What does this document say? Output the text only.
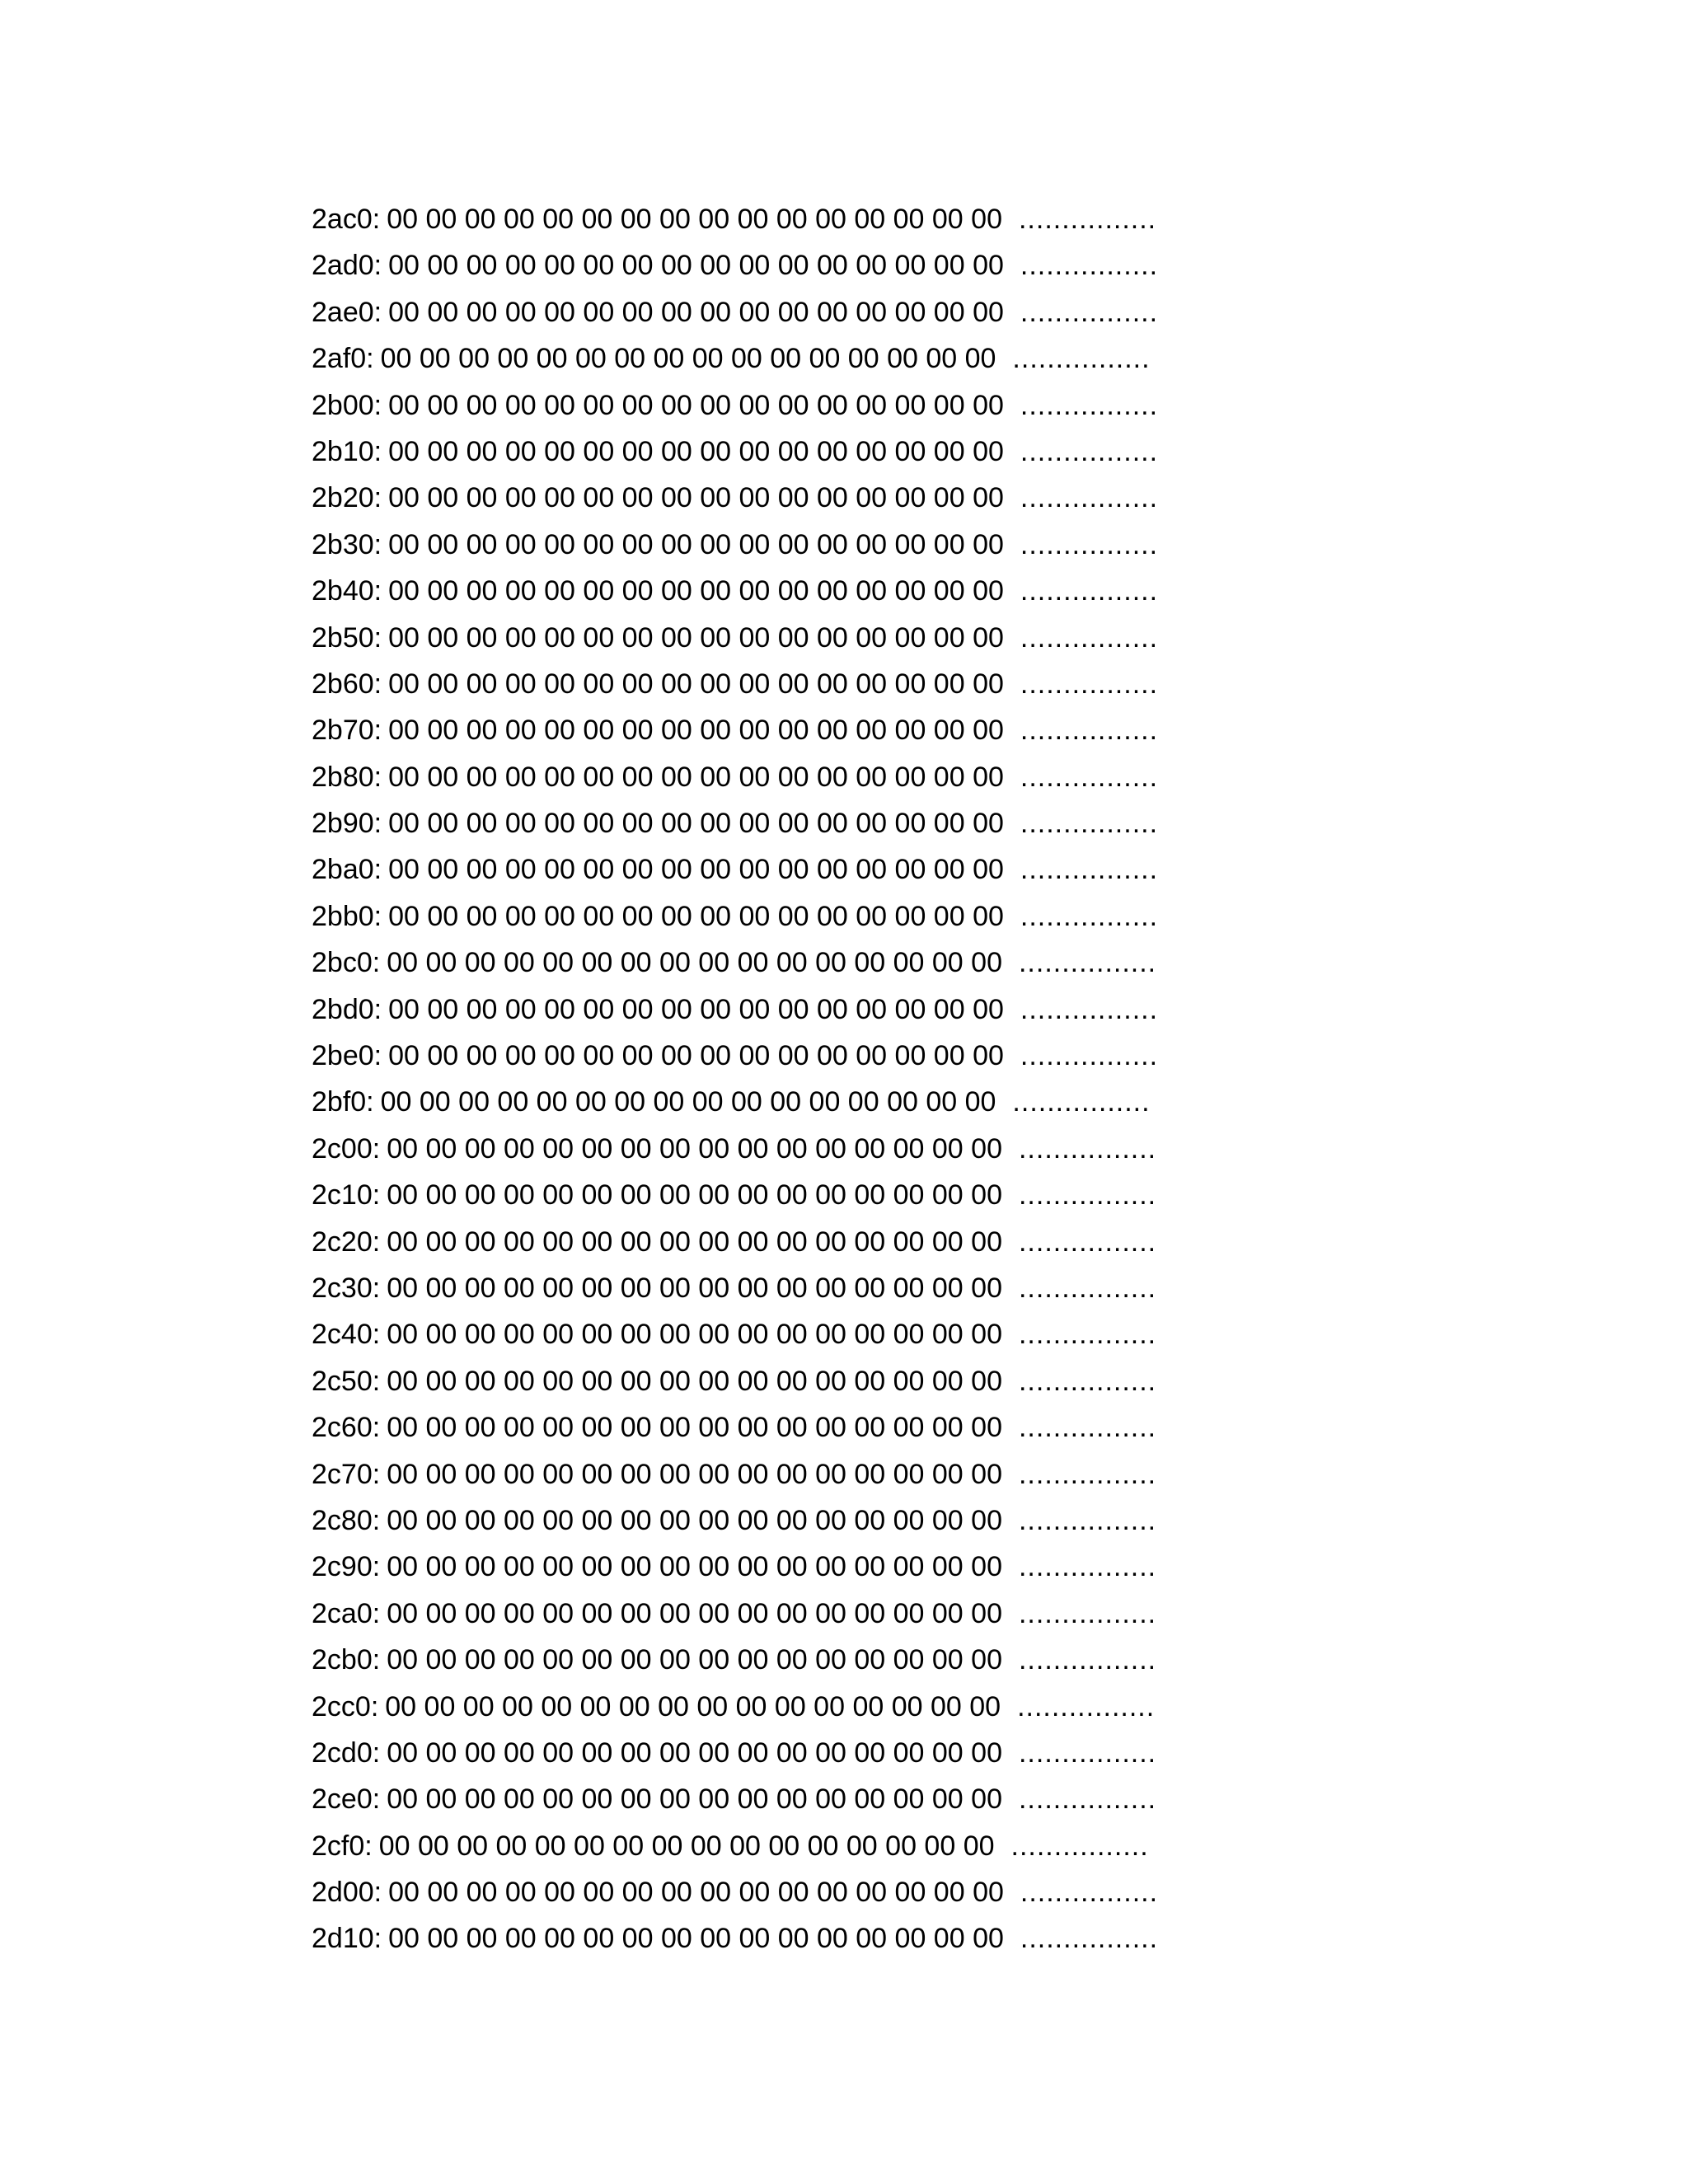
2ac0: 00 00 00 00 00 00 00 00 00 00 00 00 00 00 00 00 ................
2ad0: 00 00 00 00 00 00 00 00 00 00 00 00 00 00 00 00 ................
2ae0: 00 00 00 00 00 00 00 00 00 00 00 00 00 00 00 00 ................
2af0: 00 00 00 00 00 00 00 00 00 00 00 00 00 00 00 00 ................
2b00: 00 00 00 00 00 00 00 00 00 00 00 00 00 00 00 00 ................
2b10: 00 00 00 00 00 00 00 00 00 00 00 00 00 00 00 00 ................
2b20: 00 00 00 00 00 00 00 00 00 00 00 00 00 00 00 00 ................
2b30: 00 00 00 00 00 00 00 00 00 00 00 00 00 00 00 00 ................
2b40: 00 00 00 00 00 00 00 00 00 00 00 00 00 00 00 00 ................
2b50: 00 00 00 00 00 00 00 00 00 00 00 00 00 00 00 00 ................
2b60: 00 00 00 00 00 00 00 00 00 00 00 00 00 00 00 00 ................
2b70: 00 00 00 00 00 00 00 00 00 00 00 00 00 00 00 00 ................
2b80: 00 00 00 00 00 00 00 00 00 00 00 00 00 00 00 00 ................
2b90: 00 00 00 00 00 00 00 00 00 00 00 00 00 00 00 00 ................
2ba0: 00 00 00 00 00 00 00 00 00 00 00 00 00 00 00 00 ................
2bb0: 00 00 00 00 00 00 00 00 00 00 00 00 00 00 00 00 ................
2bc0: 00 00 00 00 00 00 00 00 00 00 00 00 00 00 00 00 ................
2bd0: 00 00 00 00 00 00 00 00 00 00 00 00 00 00 00 00 ................
2be0: 00 00 00 00 00 00 00 00 00 00 00 00 00 00 00 00 ................
2bf0: 00 00 00 00 00 00 00 00 00 00 00 00 00 00 00 00 ................
2c00: 00 00 00 00 00 00 00 00 00 00 00 00 00 00 00 00 ................
2c10: 00 00 00 00 00 00 00 00 00 00 00 00 00 00 00 00 ................
2c20: 00 00 00 00 00 00 00 00 00 00 00 00 00 00 00 00 ................
2c30: 00 00 00 00 00 00 00 00 00 00 00 00 00 00 00 00 ................
2c40: 00 00 00 00 00 00 00 00 00 00 00 00 00 00 00 00 ................
2c50: 00 00 00 00 00 00 00 00 00 00 00 00 00 00 00 00 ................
2c60: 00 00 00 00 00 00 00 00 00 00 00 00 00 00 00 00 ................
2c70: 00 00 00 00 00 00 00 00 00 00 00 00 00 00 00 00 ................
2c80: 00 00 00 00 00 00 00 00 00 00 00 00 00 00 00 00 ................
2c90: 00 00 00 00 00 00 00 00 00 00 00 00 00 00 00 00 ................
2ca0: 00 00 00 00 00 00 00 00 00 00 00 00 00 00 00 00 ................
2cb0: 00 00 00 00 00 00 00 00 00 00 00 00 00 00 00 00 ................
2cc0: 00 00 00 00 00 00 00 00 00 00 00 00 00 00 00 00 ................
2cd0: 00 00 00 00 00 00 00 00 00 00 00 00 00 00 00 00 ................
2ce0: 00 00 00 00 00 00 00 00 00 00 00 00 00 00 00 00 ................
2cf0: 00 00 00 00 00 00 00 00 00 00 00 00 00 00 00 00 ................
2d00: 00 00 00 00 00 00 00 00 00 00 00 00 00 00 00 00 ................
2d10: 00 00 00 00 00 00 00 00 00 00 00 00 00 00 00 00 ................
